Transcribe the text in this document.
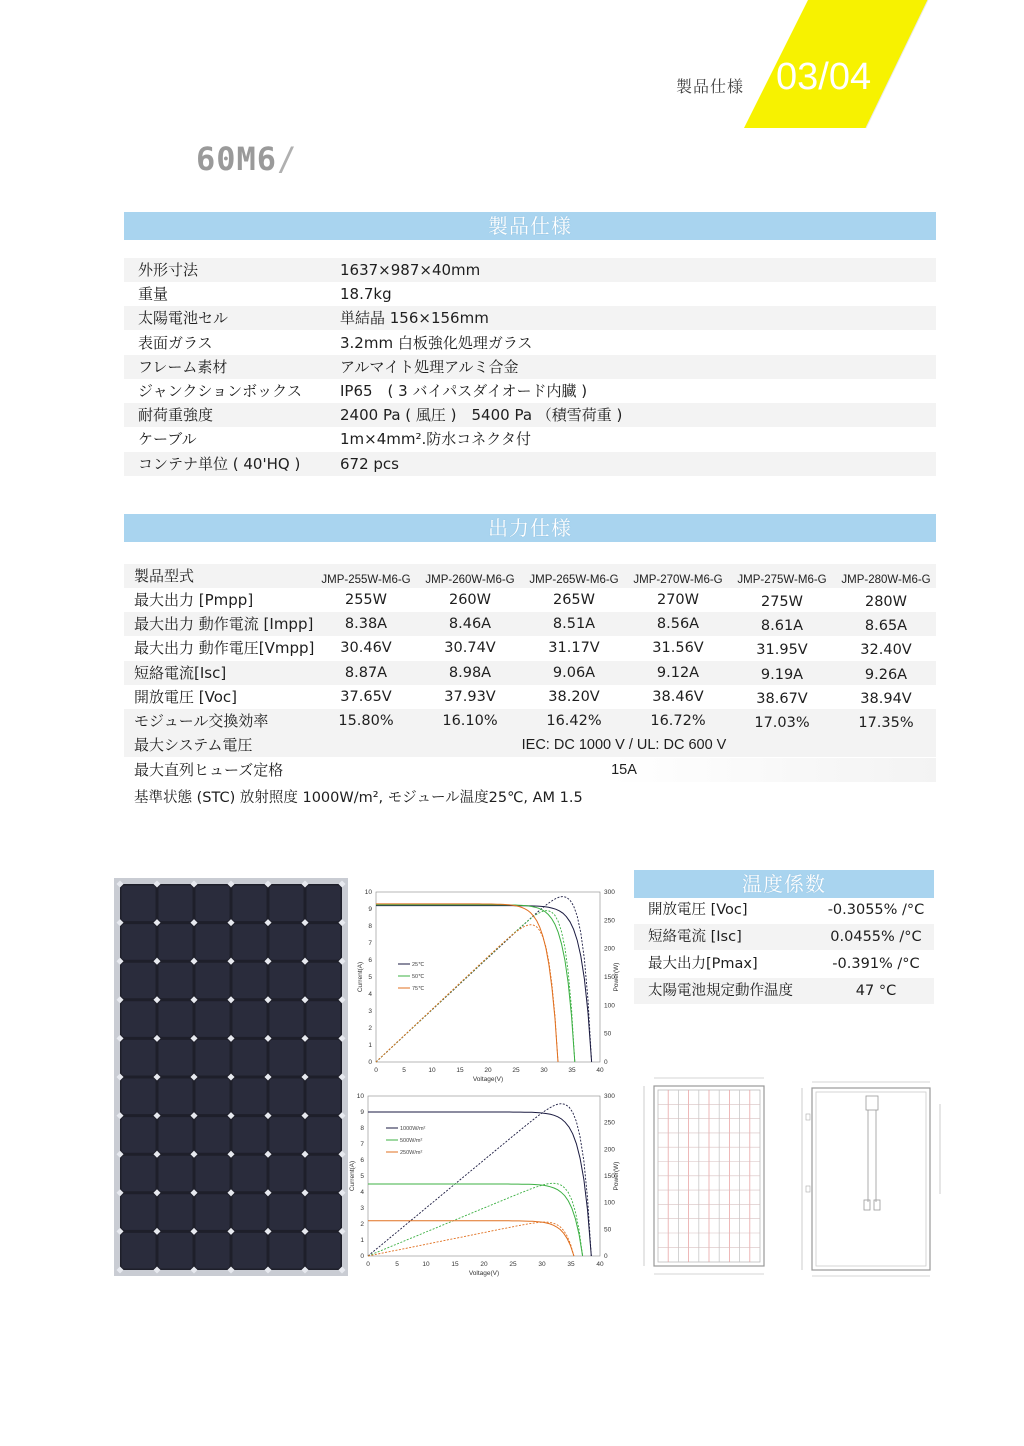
製品仕様 03/04
60M6/
製品仕様
外形寸法	1637×987×40mm
重量	18.7kg
太陽電池セル	単結晶 156×156mm
表面ガラス	3.2mm 白板強化処理ガラス
フレーム素材	アルマイト処理アルミ合金
ジャンクションボックス	IP65　( 3 バイパスダイオード内臓 )
耐荷重強度	2400 Pa ( 風圧 )　5400 Pa （積雪荷重 )
ケーブル	1m×4mm².防水コネクタ付
コンテナ単位 ( 40'HQ )	672 pcs
出力仕様
製品型式	JMP-255W-M6-G	JMP-260W-M6-G	JMP-265W-M6-G	JMP-270W-M6-G	JMP-275W-M6-G	JMP-280W-M6-G
最大出力 [Pmpp]	255W	260W	265W	270W	275W	280W
最大出力 動作電流 [Impp]	8.38A	8.46A	8.51A	8.56A	8.61A	8.65A
最大出力 動作電圧[Vmpp]	30.46V	30.74V	31.17V	31.56V	31.95V	32.40V
短絡電流[Isc]	8.87A	8.98A	9.06A	9.12A	9.19A	9.26A
開放電圧 [Voc]	37.65V	37.93V	38.20V	38.46V	38.67V	38.94V
モジュール交換効率	15.80%	16.10%	16.42%	16.72%	17.03%	17.35%
最大システム電圧	IEC: DC 1000 V / UL: DC 600 V
最大直列ヒューズ定格	15A
基準状態 (STC) 放射照度 1000W/m², モジュール温度25℃, AM 1.5
0	5	10	15	20	25	30	35	40
0
1
2
3
4
5
6
7
8
9
10
0
50
100
150
200
250
300
Voltage(V)
Current(A)	Power(W)
25℃
50℃
75℃
0	5	10	15	20	25	30	35	40
0
1
2
3
4
5
6
7
8
9
10
0
50
100
150
200
250
300
Voltage(V)
Current(A)	Power(W)
1000W/m²
500W/m²
250W/m²
温度係数
開放電圧 [Voc]	-0.3055% /°C
短絡電流 [Isc]	0.0455% /°C
最大出力[Pmax]	-0.391% /°C
太陽電池規定動作温度	47 °C
